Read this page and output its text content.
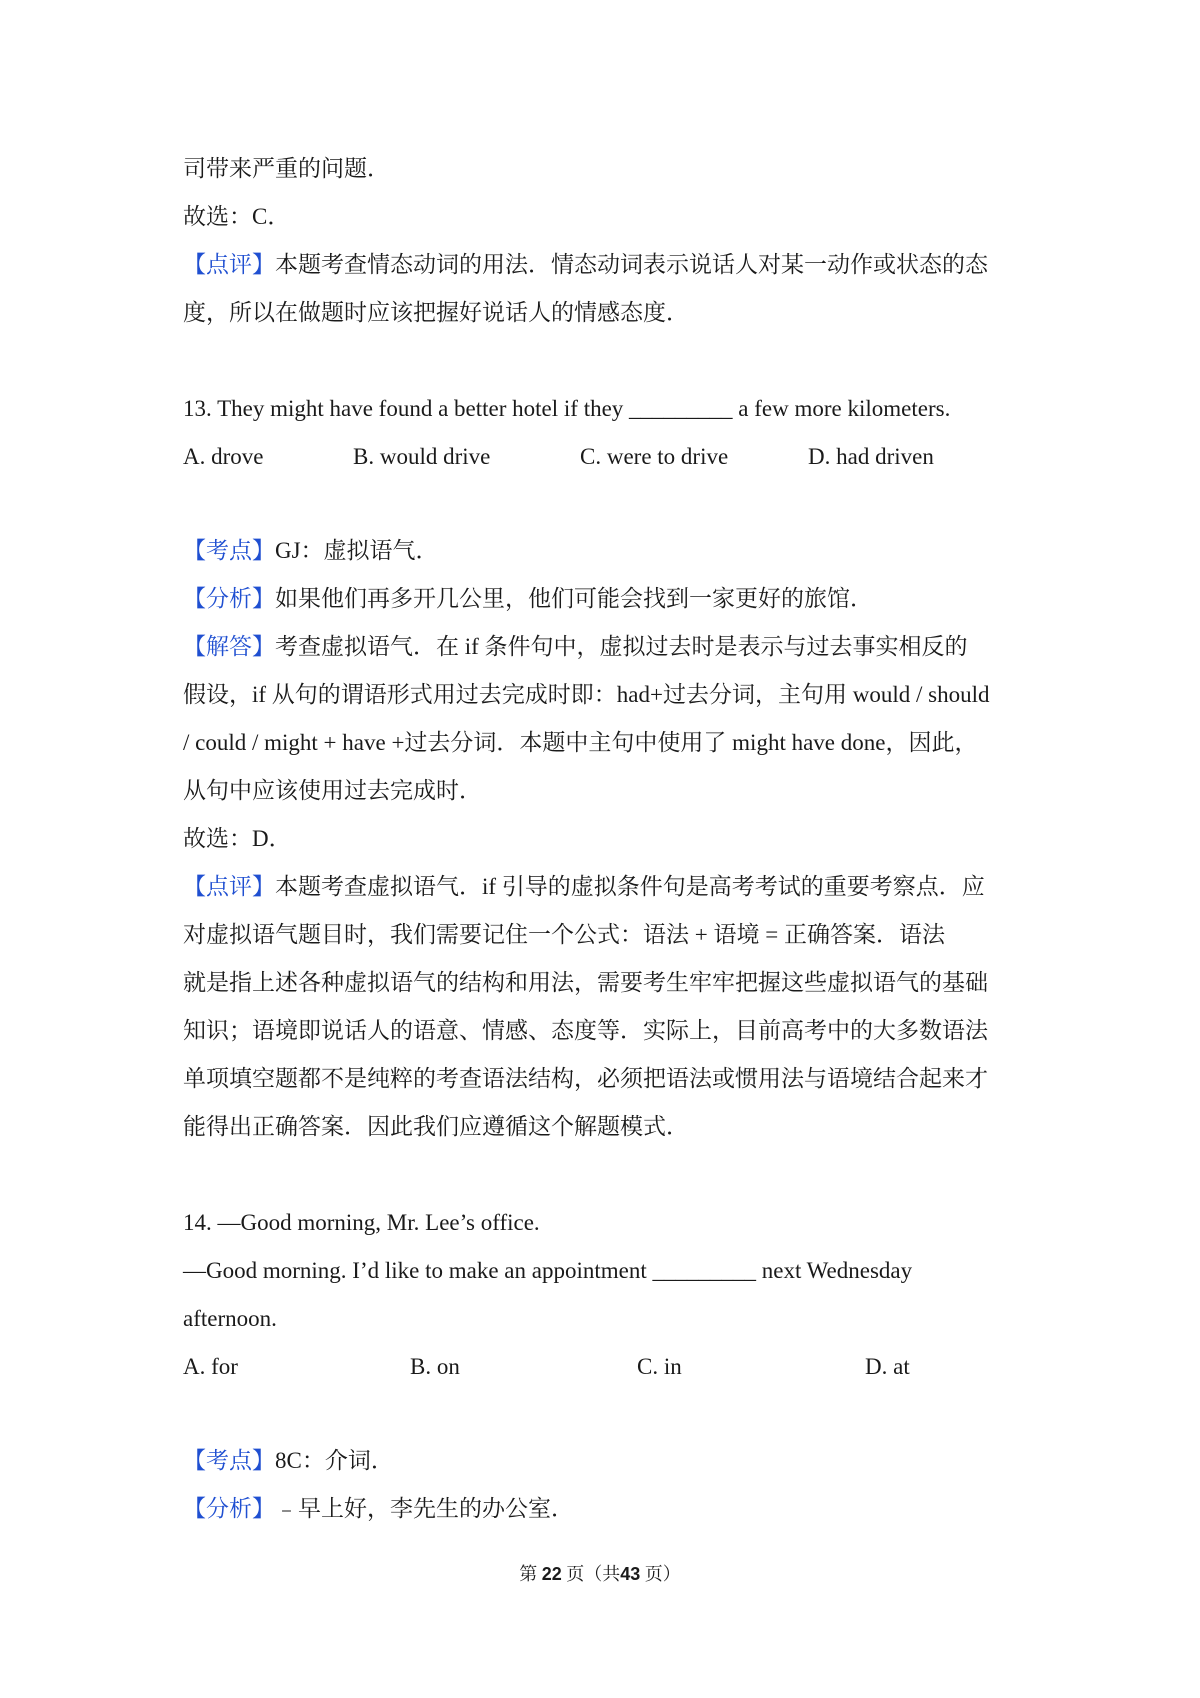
司带来严重的问题．
故选：C．
【点评】本题考查情态动词的用法．情态动词表示说话人对某一动作或状态的态
度，所以在做题时应该把握好说话人的情感态度．
13. They might have found a better hotel if they _________ a few more kilometers.
A. drove	B. would drive	C. were to drive	D. had driven
【考点】GJ：虚拟语气．
【分析】如果他们再多开几公里，他们可能会找到一家更好的旅馆．
【解答】考查虚拟语气．在 if 条件句中，虚拟过去时是表示与过去事实相反的
假设，if 从句的谓语形式用过去完成时即：had+过去分词，主句用 would / should
/ could / might + have +过去分词．本题中主句中使用了 might have done，因此，
从句中应该使用过去完成时．
故选：D．
【点评】本题考查虚拟语气．if 引导的虚拟条件句是高考考试的重要考察点．应
对虚拟语气题目时，我们需要记住一个公式：语法 + 语境 = 正确答案．语法
就是指上述各种虚拟语气的结构和用法，需要考生牢牢把握这些虚拟语气的基础
知识；语境即说话人的语意、情感、态度等．实际上，目前高考中的大多数语法
单项填空题都不是纯粹的考查语法结构，必须把语法或惯用法与语境结合起来才
能得出正确答案．因此我们应遵循这个解题模式．
14. —Good morning, Mr. Lee’s office.
—Good morning. I’d like to make an appointment _________ next Wednesday
afternoon.
A. for	B. on	C. in	D. at
【考点】8C：介词．
【分析】﹣早上好，李先生的办公室．
第 22 页（共43 页）
